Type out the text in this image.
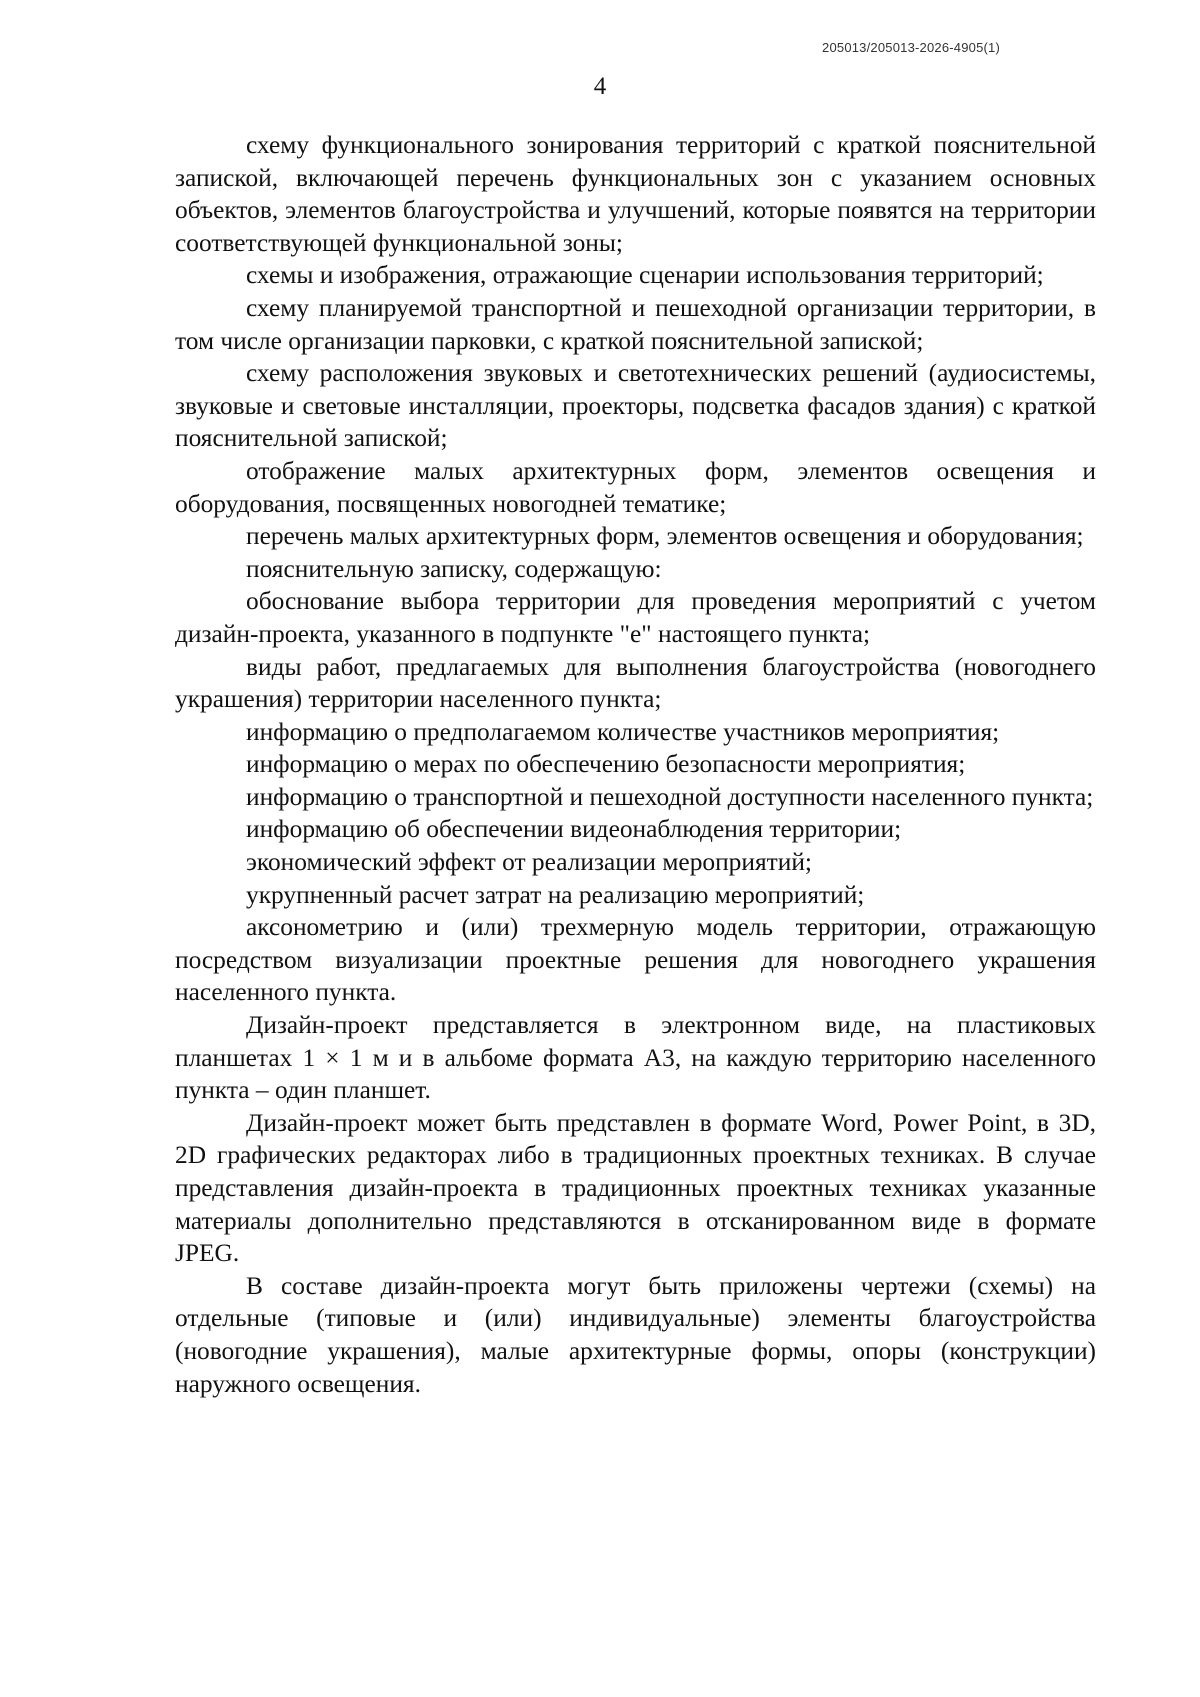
205013/205013-2026-4905(1)
4

схему функционального зонирования территорий с краткой пояснительной запиской, включающей перечень функциональных зон с указанием основных объектов, элементов благоустройства и улучшений, которые появятся на территории соответствующей функциональной зоны;

схемы и изображения, отражающие сценарии использования территорий;

схему планируемой транспортной и пешеходной организации территории, в том числе организации парковки, с краткой пояснительной запиской;

схему расположения звуковых и светотехнических решений (аудиосистемы, звуковые и световые инсталляции, проекторы, подсветка фасадов здания) с краткой пояснительной запиской;

отображение малых архитектурных форм, элементов освещения и оборудования, посвященных новогодней тематике;

перечень малых архитектурных форм, элементов освещения и оборудования;

пояснительную записку, содержащую:

обоснование выбора территории для проведения мероприятий с учетом дизайн-проекта, указанного в подпункте "е" настоящего пункта;

виды работ, предлагаемых для выполнения благоустройства (новогоднего украшения) территории населенного пункта;

информацию о предполагаемом количестве участников мероприятия;

информацию о мерах по обеспечению безопасности мероприятия;

информацию о транспортной и пешеходной доступности населенного пункта;

информацию об обеспечении видеонаблюдения территории;

экономический эффект от реализации мероприятий;

укрупненный расчет затрат на реализацию мероприятий;

аксонометрию и (или) трехмерную модель территории, отражающую посредством визуализации проектные решения для новогоднего украшения населенного пункта.

Дизайн-проект представляется в электронном виде, на пластиковых планшетах 1 × 1 м и в альбоме формата А3, на каждую территорию населенного пункта – один планшет.

Дизайн-проект может быть представлен в формате Word, Power Point, в 3D, 2D графических редакторах либо в традиционных проектных техниках. В случае представления дизайн-проекта в традиционных проектных техниках указанные материалы дополнительно представляются в отсканированном виде в формате JPEG.

В составе дизайн-проекта могут быть приложены чертежи (схемы) на отдельные (типовые и (или) индивидуальные) элементы благоустройства (новогодние украшения), малые архитектурные формы, опоры (конструкции) наружного освещения.
